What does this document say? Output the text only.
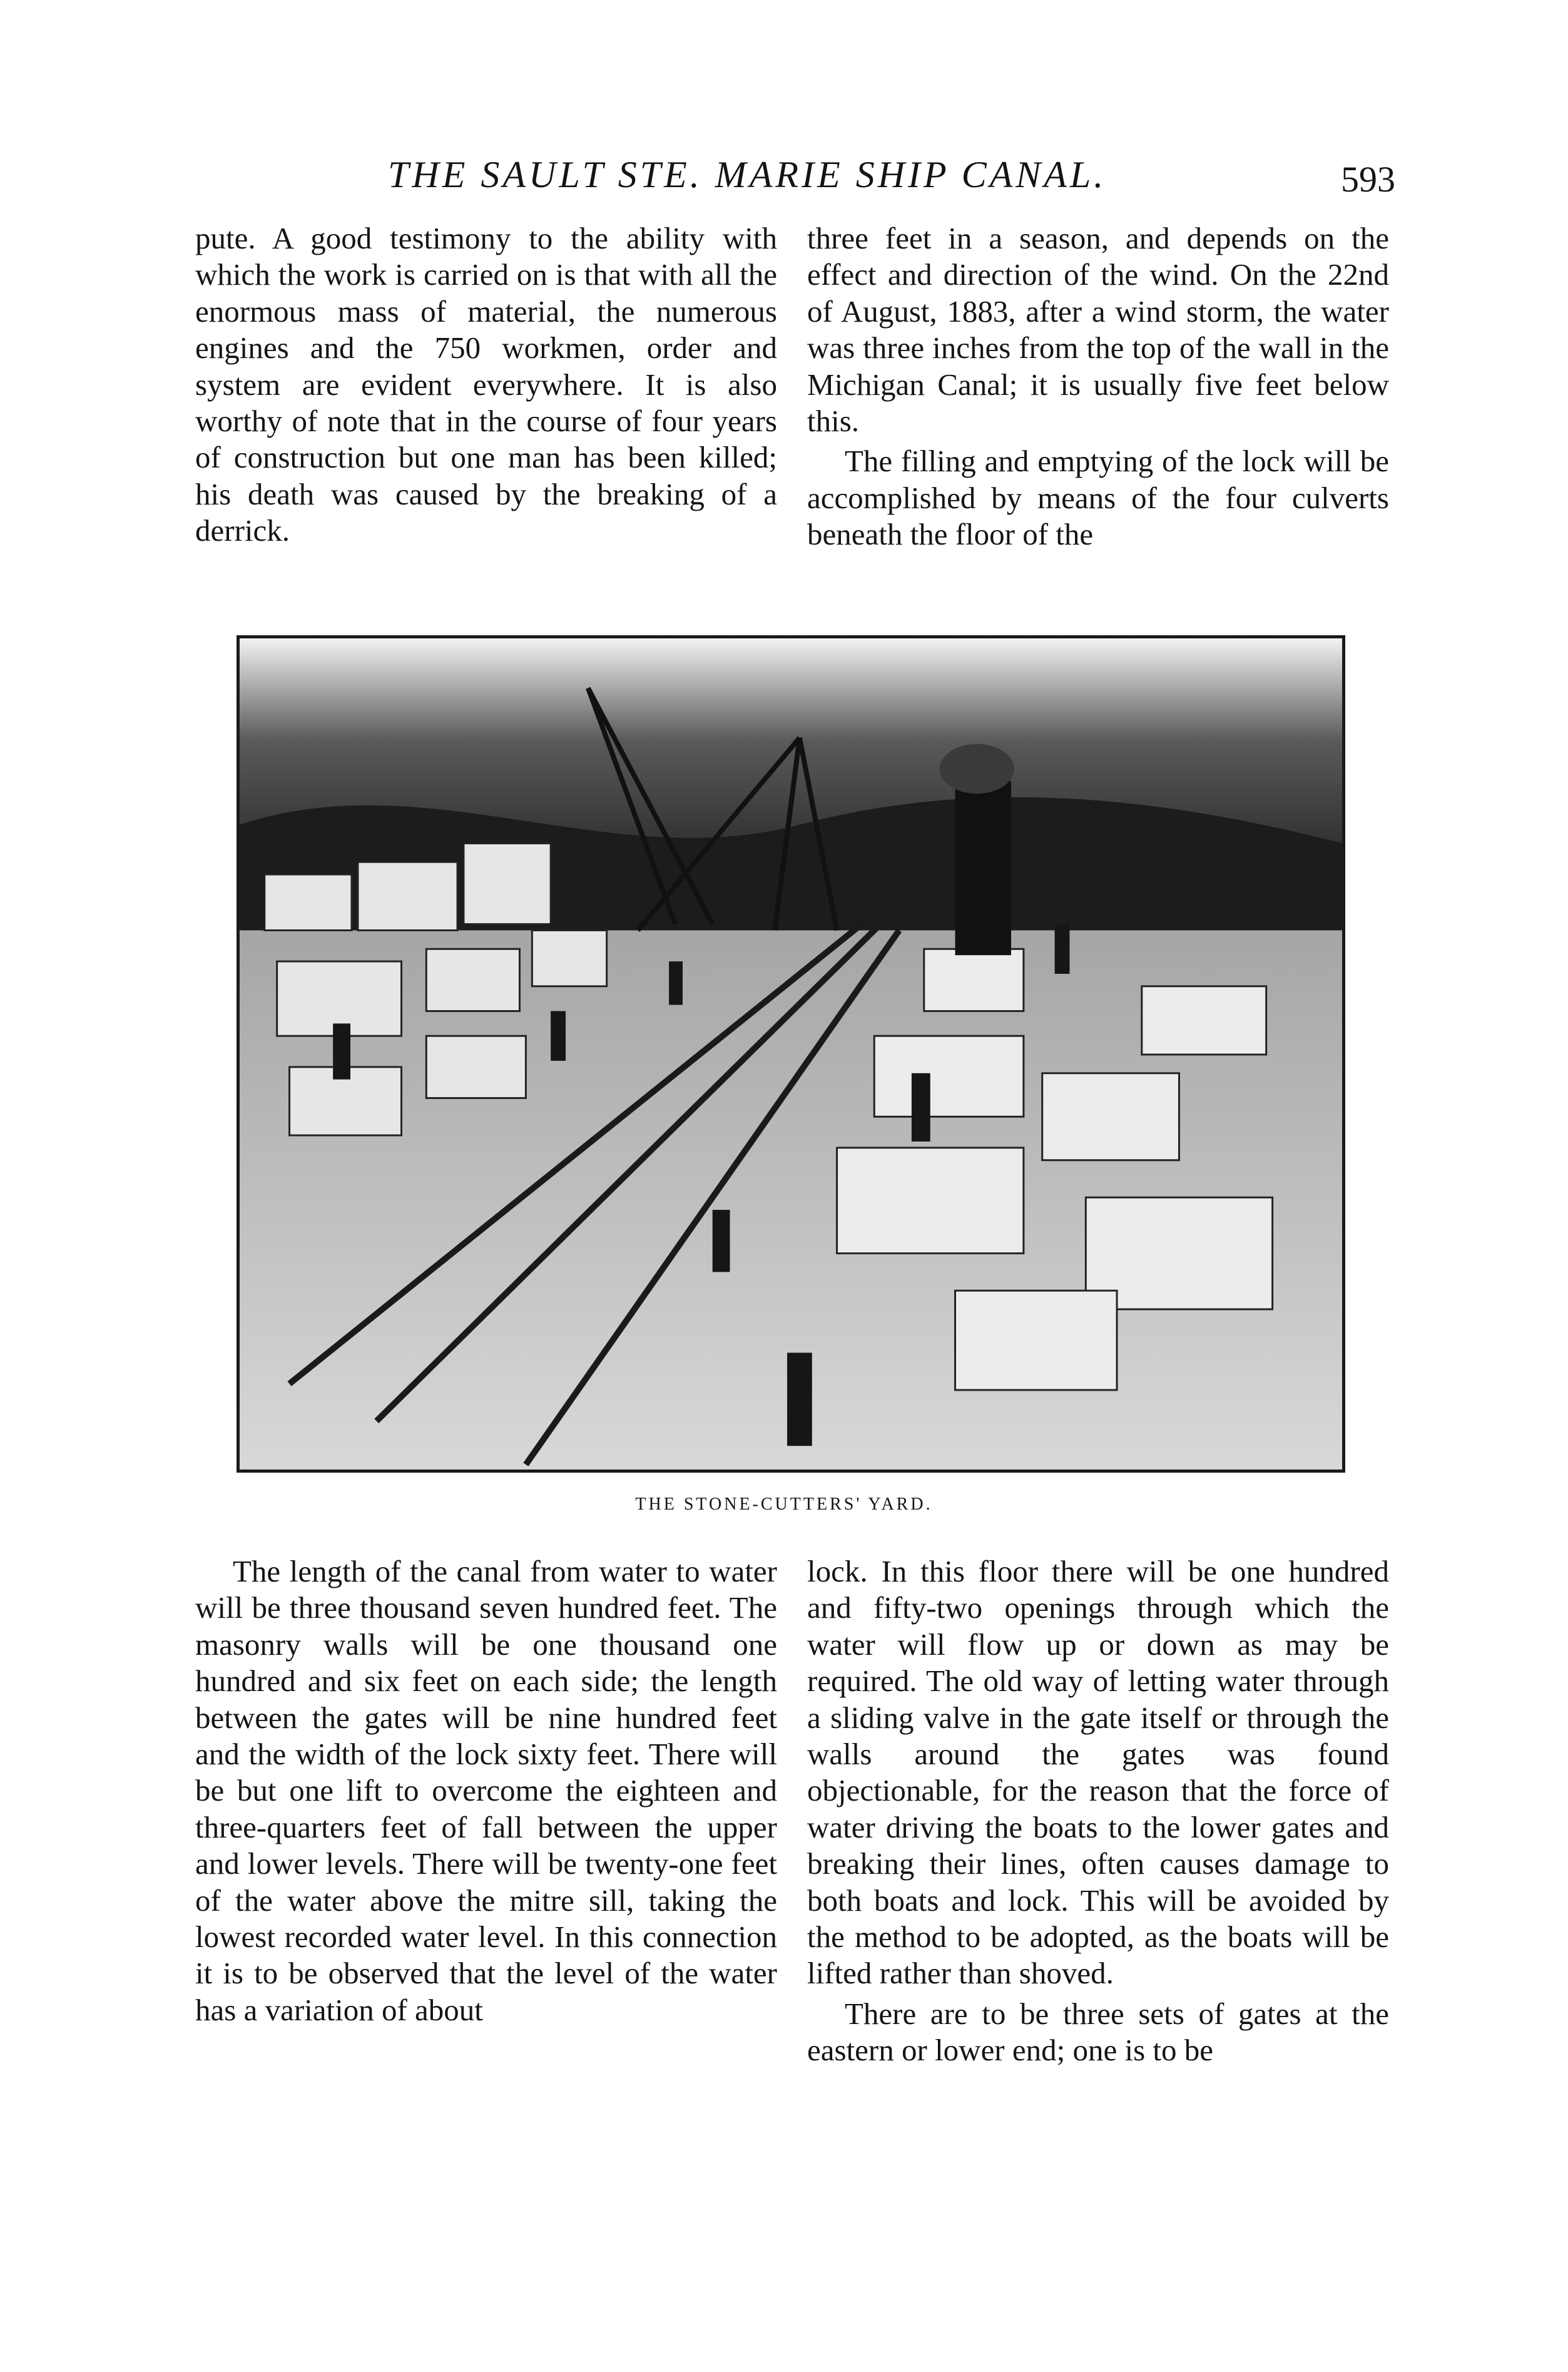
THE SAULT STE. MARIE SHIP CANAL.	593

pute. A good testimony to the ability with which the work is carried on is that with all the enormous mass of material, the numerous engines and the 750 workmen, order and system are evident everywhere. It is also worthy of note that in the course of four years of construction but one man has been killed; his death was caused by the breaking of a derrick.

three feet in a season, and depends on the effect and direction of the wind. On the 22nd of August, 1883, after a wind storm, the water was three inches from the top of the wall in the Michigan Canal; it is usually five feet below this.

The filling and emptying of the lock will be accomplished by means of the four culverts beneath the floor of the

THE STONE-CUTTERS' YARD.

The length of the canal from water to water will be three thousand seven hundred feet. The masonry walls will be one thousand one hundred and six feet on each side; the length between the gates will be nine hundred feet and the width of the lock sixty feet. There will be but one lift to overcome the eighteen and three-quarters feet of fall between the upper and lower levels. There will be twenty-one feet of the water above the mitre sill, taking the lowest recorded water level. In this connection it is to be observed that the level of the water has a variation of about

lock. In this floor there will be one hundred and fifty-two openings through which the water will flow up or down as may be required. The old way of letting water through a sliding valve in the gate itself or through the walls around the gates was found objectionable, for the reason that the force of water driving the boats to the lower gates and breaking their lines, often causes damage to both boats and lock. This will be avoided by the method to be adopted, as the boats will be lifted rather than shoved.

There are to be three sets of gates at the eastern or lower end; one is to be
